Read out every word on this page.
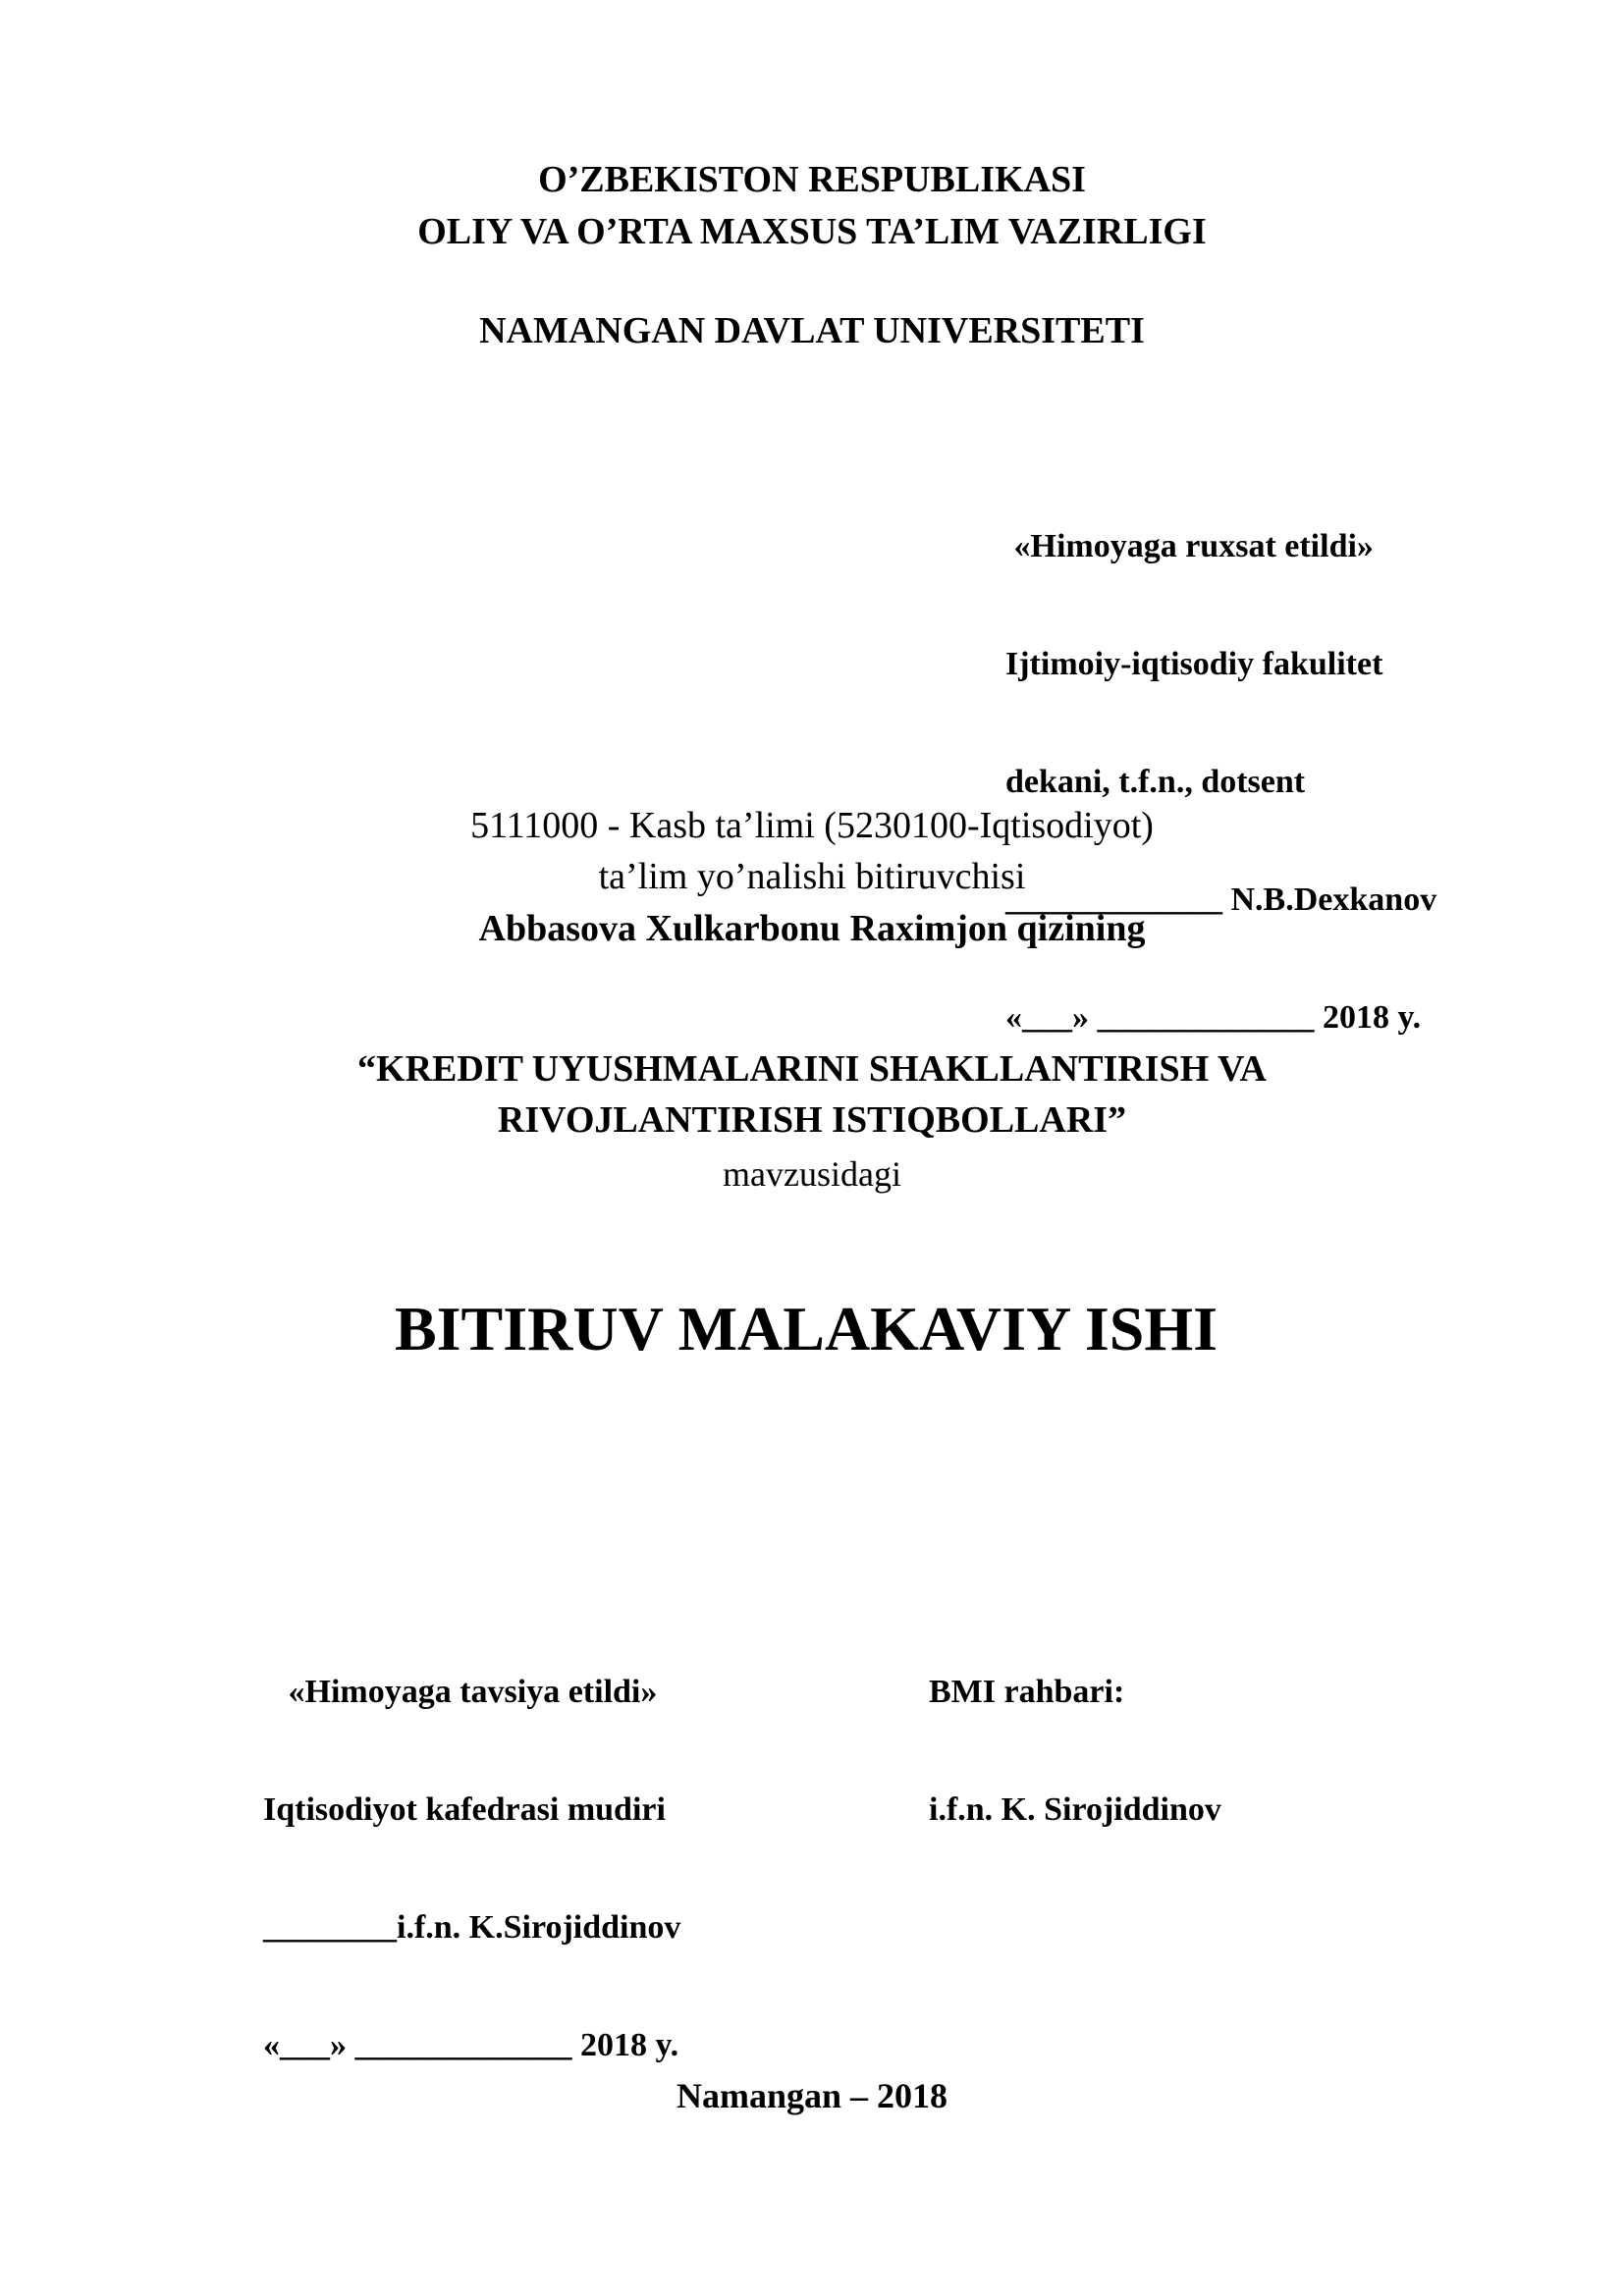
O’ZBEKISTON RESPUBLIKASI
OLIY VA O’RTA MAXSUS TA’LIM VAZIRLIGI
NAMANGAN DAVLAT UNIVERSITETI

«Himoyaga ruxsat etildi»

Ijtimoiy-iqtisodiy fakulitet

dekani, t.f.n., dotsent

_____________ N.B.Dexkanov

«___» _____________ 2018 y.

5111000 - Kasb ta’limi (5230100-Iqtisodiyot)
ta’lim yo’nalishi bitiruvchisi
Abbasova Xulkarbonu Raximjon qizining
“KREDIT UYUSHMALARINI SHAKLLANTIRISH VA
RIVOJLANTIRISH ISTIQBOLLARI”
mavzusidagi
BITIRUV MALAKAVIY ISHI

«Himoyaga tavsiya etildi»

Iqtisodiyot kafedrasi mudiri

________i.f.n. K.Sirojiddinov

«___» _____________ 2018 y.

BMI rahbari:

i.f.n. K. Sirojiddinov

Namangan – 2018
